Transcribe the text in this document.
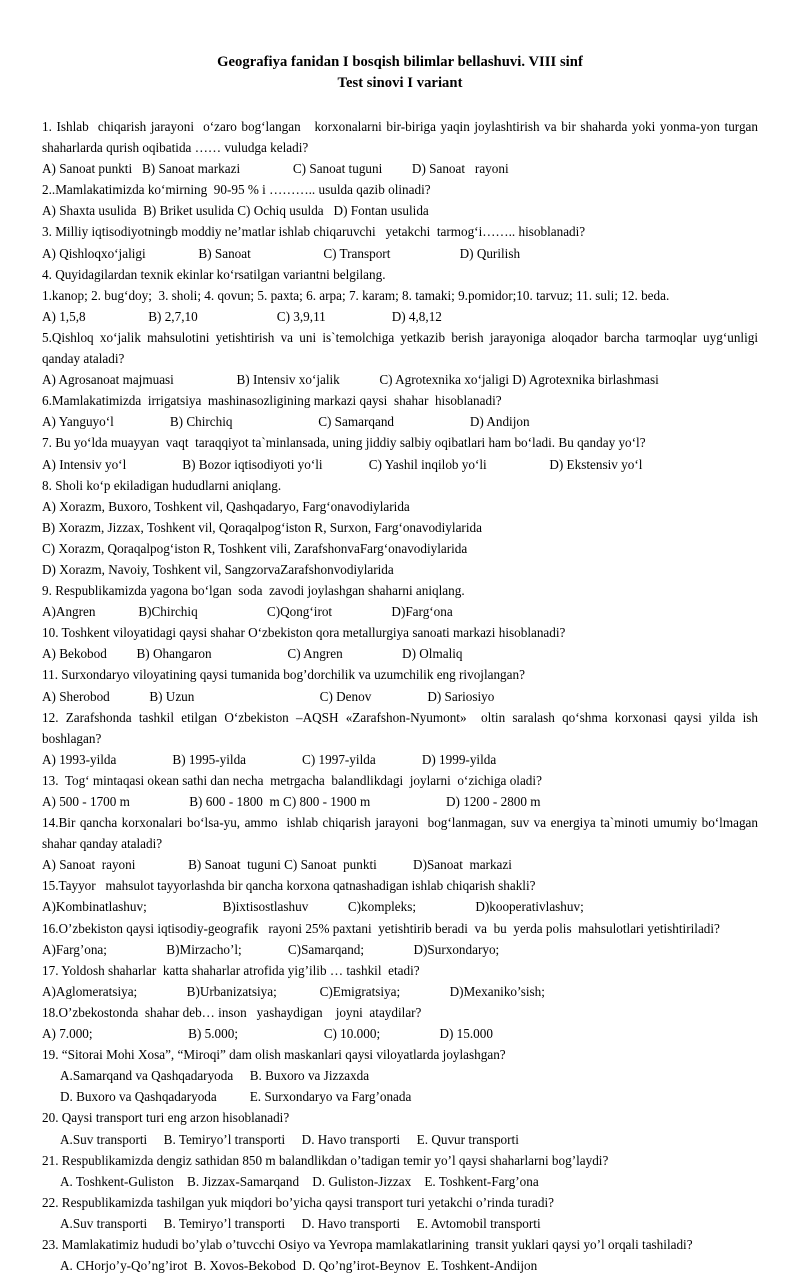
Geografiya fanidan I bosqish bilimlar bellashuvi. VIII sinf
Test sinovi I variant
1. Ishlab  chiqarish jarayoni  o‘zaro bog‘langan   korxonalarni bir-biriga yaqin joylashtirish va bir shaharda yoki yonma-yon turgan shaharlarda qurish oqibatida …… vuludga keladi?
A) Sanoat punkti   B) Sanoat markazi                C) Sanoat tuguni         D) Sanoat   rayoni
2..Mamlakatimizda ko‘mirning  90-95 % i ……….. usulda qazib olinadi?
A) Shaxta usulida  B) Briket usulida C) Ochiq usulda   D) Fontan usulida
3. Milliy iqtisodiyotningb moddiy ne’matlar ishlab chiqaruvchi   yetakchi  tarmog‘i…….. hisoblanadi?
A) Qishloqxo‘jaligi                B) Sanoat                      C) Transport                     D) Qurilish
4. Quyidagilardan texnik ekinlar ko‘rsatilgan variantni belgilang.
1.kanop; 2. bug‘doy;  3. sholi; 4. qovun; 5. paxta; 6. arpa; 7. karam; 8. tamaki; 9.pomidor;10. tarvuz; 11. suli; 12. beda.
A) 1,5,8                   B) 2,7,10                        C) 3,9,11                    D) 4,8,12
5.Qishloq xo‘jalik mahsulotini yetishtirish va uni is`temolchiga yetkazib berish jarayoniga aloqador barcha tarmoqlar uyg‘unligi qanday ataladi?
A) Agrosanoat majmuasi                   B) Intensiv xo‘jalik            C) Agrotexnika xo‘jaligi D) Agrotexnika birlashmasi
6.Mamlakatimizda  irrigatsiya  mashinasozligining markazi qaysi  shahar  hisoblanadi?
A) Yanguyo‘l                 B) Chirchiq                          C) Samarqand                       D) Andijon
7. Bu yo‘lda muayyan  vaqt  taraqqiyot ta`minlansada, uning jiddiy salbiy oqibatlari ham bo‘ladi. Bu qanday yo‘l?
A) Intensiv yo‘l                 B) Bozor iqtisodiyoti yo‘li              C) Yashil inqilob yo‘li                   D) Ekstensiv yo‘l
8. Sholi ko‘p ekiladigan hududlarni aniqlang.
A) Xorazm, Buxoro, Toshkent vil, Qashqadaryo, Farg‘onavodiylarida
B) Xorazm, Jizzax, Toshkent vil, Qoraqalpog‘iston R, Surxon, Farg‘onavodiylarida
C) Xorazm, Qoraqalpog‘iston R, Toshkent vili, ZarafshonvaFarg‘onavodiylarida
D) Xorazm, Navoiy, Toshkent vil, SangzorvaZarafshonvodiylarida
9. Respublikamizda yagona bo‘lgan  soda  zavodi joylashgan shaharni aniqlang.
A)Angren             B)Chirchiq                     C)Qong‘irot                  D)Farg‘ona
10. Toshkent viloyatidagi qaysi shahar O‘zbekiston qora metallurgiya sanoati markazi hisoblanadi?
A) Bekobod         B) Ohangaron                       C) Angren                  D) Olmaliq
11. Surxondaryo viloyatining qaysi tumanida bog’dorchilik va uzumchilik eng rivojlangan?
A) Sherobod            B) Uzun                                      C) Denov                 D) Sariosiyo
12. Zarafshonda tashkil etilgan O‘zbekiston –AQSH «Zarafshon-Nyumont»  oltin saralash qo‘shma korxonasi qaysi yilda ish boshlagan?
A) 1993-yilda                 B) 1995-yilda                 C) 1997-yilda              D) 1999-yilda
13.  Tog‘ mintaqasi okean sathi dan necha  metrgacha  balandlikdagi  joylarni  o‘zichiga oladi?
A) 500 - 1700 m                  B) 600 - 1800  m C) 800 - 1900 m                       D) 1200 - 2800 m
14.Bir qancha korxonalari bo‘lsa-yu, ammo  ishlab chiqarish jarayoni  bog‘lanmagan, suv va energiya ta`minoti umumiy bo‘lmagan shahar qanday ataladi?
A) Sanoat  rayoni                B) Sanoat  tuguni C) Sanoat  punkti           D)Sanoat  markazi
15.Tayyor   mahsulot tayyorlashda bir qancha korxona qatnashadigan ishlab chiqarish shakli?
A)Kombinatlashuv;                       B)ixtisostlashuv            C)kompleks;                  D)kooperativlashuv;
16.O’zbekiston qaysi iqtisodiy-geografik   rayoni 25% paxtani  yetishtirib beradi  va  bu  yerda polis  mahsulotlari yetishtiriladi?
A)Farg’ona;                  B)Mirzacho’l;              C)Samarqand;               D)Surxondaryo;
17. Yoldosh shaharlar  katta shaharlar atrofida yig’ilib … tashkil  etadi?
A)Aglomeratsiya;               B)Urbanizatsiya;             C)Emigratsiya;               D)Mexaniko’sish;
18.O’zbekostonda  shahar deb… inson   yashaydigan    joyni  ataydilar?
A) 7.000;                             B) 5.000;                          C) 10.000;                  D) 15.000
19. “Sitorai Mohi Xosa”, “Miroqi” dam olish maskanlari qaysi viloyatlarda joylashgan?
A.Samarqand va Qashqadaryoda     B. Buxoro va Jizzaxda
D. Buxoro va Qashqadaryoda          E. Surxondaryo va Farg’onada
20. Qaysi transport turi eng arzon hisoblanadi?
A.Suv transporti     B. Temiryo’l transporti     D. Havo transporti     E. Quvur transporti
21. Respublikamizda dengiz sathidan 850 m balandlikdan o’tadigan temir yo’l qaysi shaharlarni bog’laydi?
A. Toshkent-Guliston    B. Jizzax-Samarqand    D. Guliston-Jizzax    E. Toshkent-Farg’ona
22. Respublikamizda tashilgan yuk miqdori bo’yicha qaysi transport turi yetakchi o’rinda turadi?
A.Suv transporti     B. Temiryo’l transporti     D. Havo transporti     E. Avtomobil transporti
23. Mamlakatimiz hududi bo’ylab o’tuvcchi Osiyo va Yevropa mamlakatlarining  transit yuklari qaysi yo’l orqali tashiladi?
A. CHorjo’y-Qo’ng’irot  B. Xovos-Bekobod  D. Qo’ng’irot-Beynov  E. Toshkent-Andijon
